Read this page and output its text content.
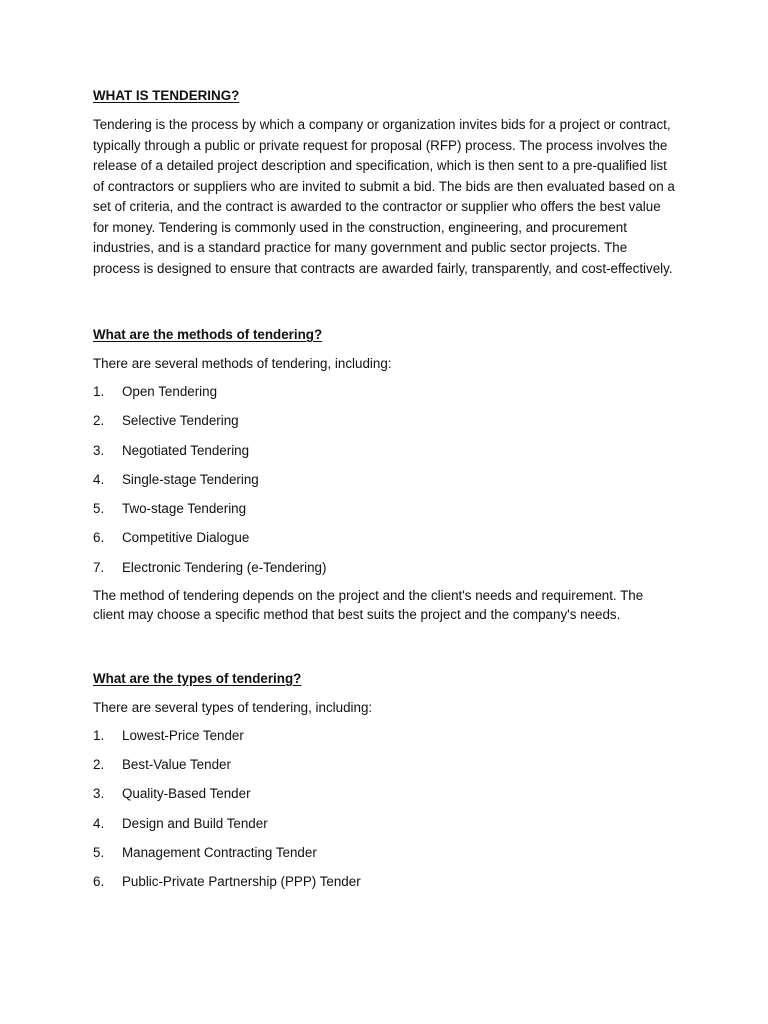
WHAT IS TENDERING?

Tendering is the process by which a company or organization invites bids for a project or contract, typically through a public or private request for proposal (RFP) process. The process involves the release of a detailed project description and specification, which is then sent to a pre-qualified list of contractors or suppliers who are invited to submit a bid. The bids are then evaluated based on a set of criteria, and the contract is awarded to the contractor or supplier who offers the best value for money. Tendering is commonly used in the construction, engineering, and procurement industries, and is a standard practice for many government and public sector projects. The process is designed to ensure that contracts are awarded fairly, transparently, and cost-effectively.

What are the methods of tendering?

There are several methods of tendering, including:

1.	Open Tendering
2.	Selective Tendering
3.	Negotiated Tendering
4.	Single-stage Tendering
5.	Two-stage Tendering
6.	Competitive Dialogue
7.	Electronic Tendering (e-Tendering)

The method of tendering depends on the project and the client's needs and requirement. The client may choose a specific method that best suits the project and the company's needs.

What are the types of tendering?

There are several types of tendering, including:

1.	Lowest-Price Tender
2.	Best-Value Tender
3.	Quality-Based Tender
4.	Design and Build Tender
5.	Management Contracting Tender
6.	Public-Private Partnership (PPP) Tender
